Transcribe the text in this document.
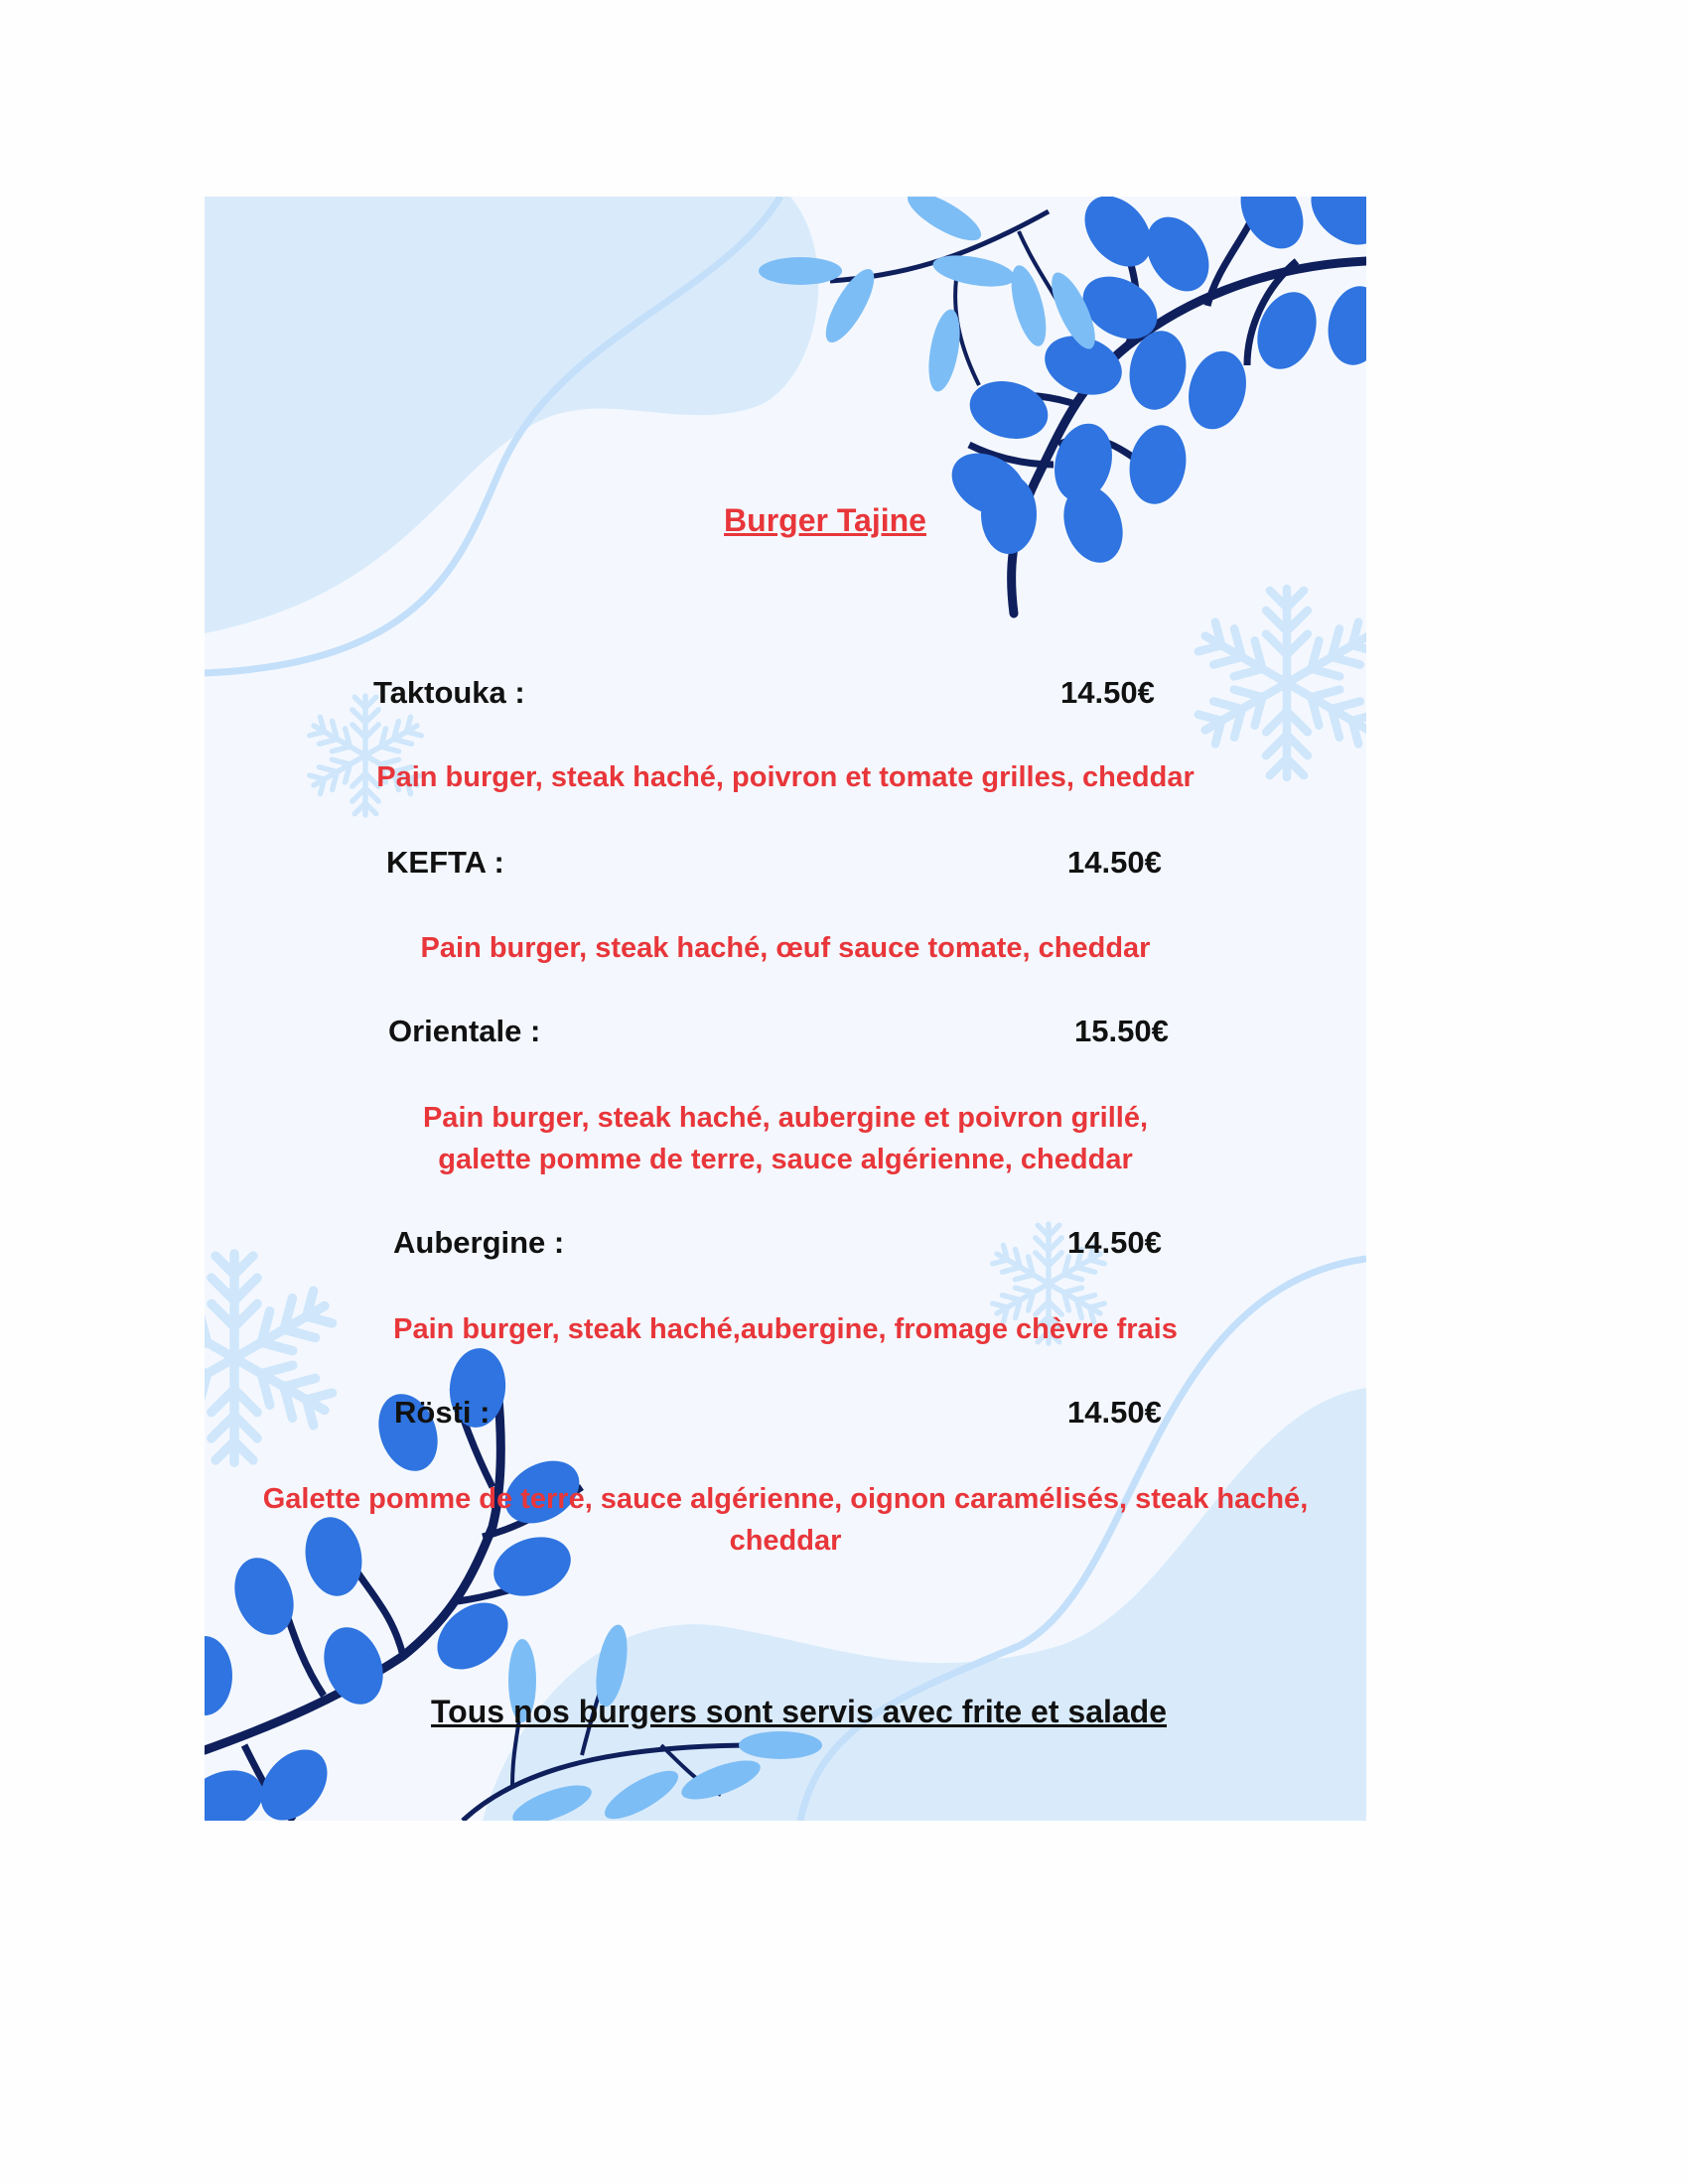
Burger Tajine
Taktouka :	14.50€
Pain burger, steak haché, poivron et tomate grilles, cheddar
KEFTA :	14.50€
Pain burger, steak haché, œuf sauce tomate, cheddar
Orientale :	15.50€
Pain burger, steak haché, aubergine et poivron grillé,
galette pomme de terre, sauce algérienne, cheddar
Aubergine :	14.50€
Pain burger, steak haché,aubergine, fromage chèvre frais
Rösti :	14.50€
Galette pomme de terre, sauce algérienne, oignon caramélisés, steak haché,
cheddar
Tous nos burgers sont servis avec frite et salade
